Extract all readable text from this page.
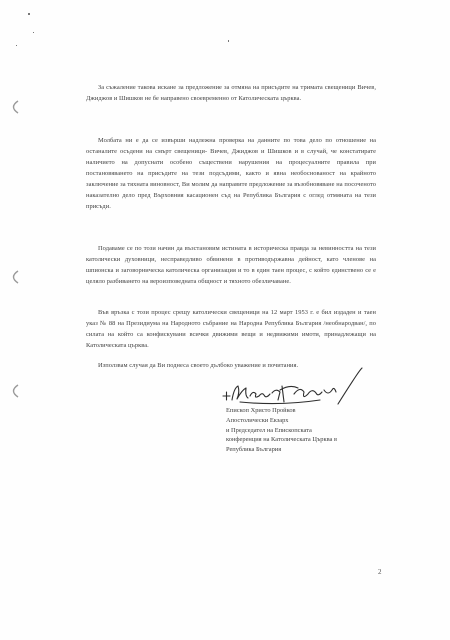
За съжаление такова искане за предложение за отмяна на присъдите на тримата свещеници Вичев, Джиджов и Шишков не бе направено своевременно от Католическата църква.

Молбата ни е да се извърши надлежна проверка на данните по това дело по отношение на останалите осъдени на смърт свещеници- Вичев, Джиджов и Шишков и в случай, че констатирате наличието на допуснати особено съществени нарушения на процесуалните правила при постановяването на присъдите на тези подсъдими, както и явна необоснованост на крайното заключение за тяхната виновност, Ви молим да направите предложение за възобновяване на посоченото наказателно дело пред Върховния касационен съд на Република България с оглед отмяната на тези присъди.

Подаваме се по този начин да възстановим истината в историческа правда за невинността на тези католически духовници, несправедливо обвинени в противодържавна дейност, като членове на шпионска и заговорническа католическа организация и то в един таен процес, с който единствено се е целяло разбиването на вероизповедната общност и тяхното обезличаване.

Във връзка с този процес срещу католически свещеници на 12 март 1953 г. е бил издаден и таен указ № 88 на Президиума на Народното събрание на Народна Република България /необнародван/, по силата на който са конфискувани всички движими вещи и недвижими имоти, принадлежащи на Католическата църква.

Използвам случая да Ви поднеса своето дълбоко уважение и почитания.

Епископ Христо Пройков
Апостолически Екзарх
и Председател на Епископската
конференция на Католическата Църква в
Република България
2
